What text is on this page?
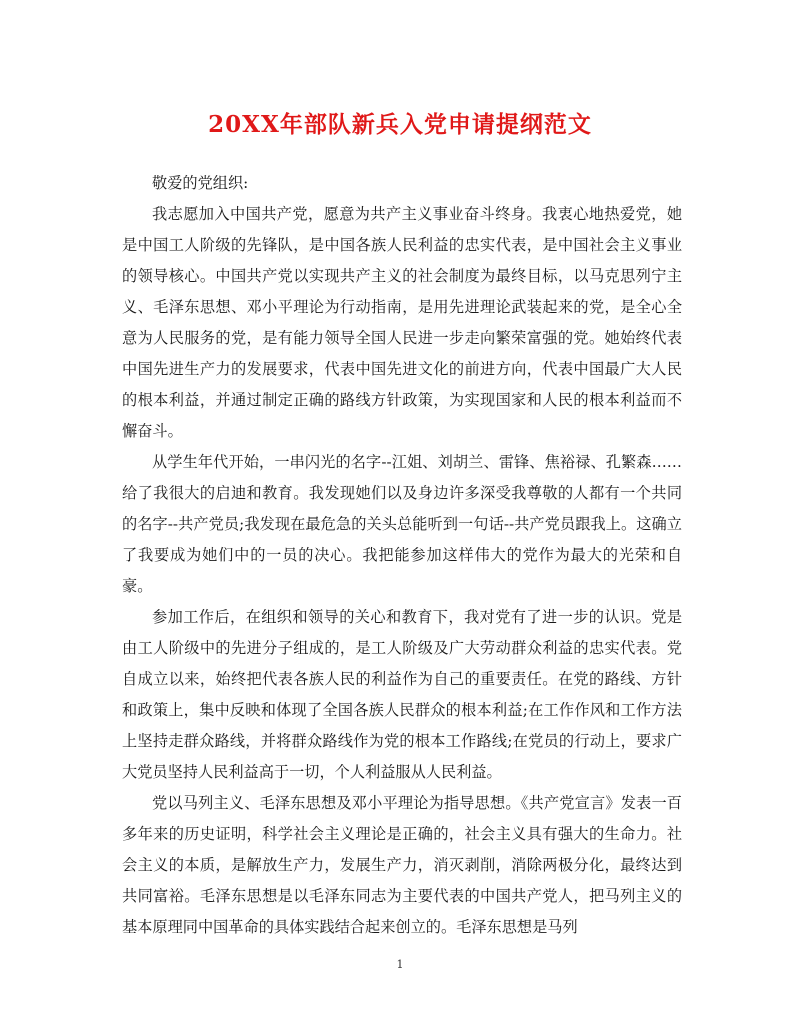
20XX年部队新兵入党申请提纲范文

敬爱的党组织:

我志愿加入中国共产党，愿意为共产主义事业奋斗终身。我衷心地热爱党，她是中国工人阶级的先锋队，是中国各族人民利益的忠实代表，是中国社会主义事业的领导核心。中国共产党以实现共产主义的社会制度为最终目标，以马克思列宁主义、毛泽东思想、邓小平理论为行动指南，是用先进理论武装起来的党，是全心全意为人民服务的党，是有能力领导全国人民进一步走向繁荣富强的党。她始终代表中国先进生产力的发展要求，代表中国先进文化的前进方向，代表中国最广大人民的根本利益，并通过制定正确的路线方针政策，为实现国家和人民的根本利益而不懈奋斗。

从学生年代开始，一串闪光的名字--江姐、刘胡兰、雷锋、焦裕禄、孔繁森……给了我很大的启迪和教育。我发现她们以及身边许多深受我尊敬的人都有一个共同的名字--共产党员;我发现在最危急的关头总能听到一句话--共产党员跟我上。这确立了我要成为她们中的一员的决心。我把能参加这样伟大的党作为最大的光荣和自豪。

参加工作后，在组织和领导的关心和教育下，我对党有了进一步的认识。党是由工人阶级中的先进分子组成的，是工人阶级及广大劳动群众利益的忠实代表。党自成立以来，始终把代表各族人民的利益作为自己的重要责任。在党的路线、方针和政策上，集中反映和体现了全国各族人民群众的根本利益;在工作作风和工作方法上坚持走群众路线，并将群众路线作为党的根本工作路线;在党员的行动上，要求广大党员坚持人民利益高于一切，个人利益服从人民利益。

党以马列主义、毛泽东思想及邓小平理论为指导思想。《共产党宣言》发表一百多年来的历史证明，科学社会主义理论是正确的，社会主义具有强大的生命力。社会主义的本质，是解放生产力，发展生产力，消灭剥削，消除两极分化，最终达到共同富裕。毛泽东思想是以毛泽东同志为主要代表的中国共产党人，把马列主义的基本原理同中国革命的具体实践结合起来创立的。毛泽东思想是马列

1
